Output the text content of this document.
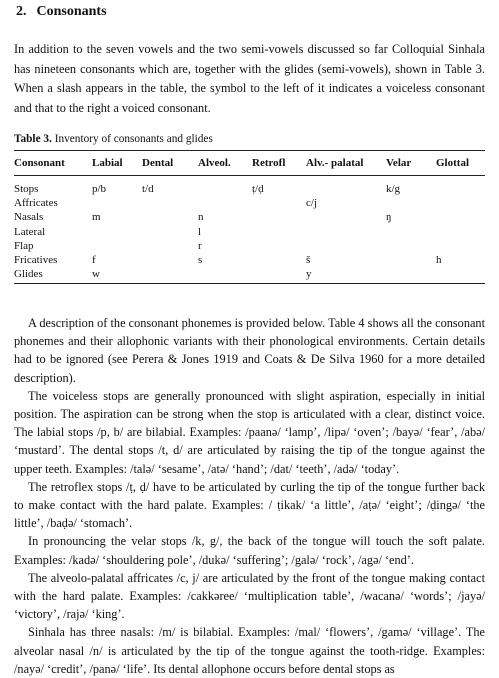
2. Consonants

In addition to the seven vowels and the two semi-vowels discussed so far Colloquial Sinhala has nineteen consonants which are, together with the glides (semi-vowels), shown in Table 3. When a slash appears in the table, the symbol to the left of it indicates a voiceless consonant and that to the right a voiced consonant.

Table 3. Inventory of consonants and glides

Consonant	Labial	Dental	Alveol.	Retrofl	Alv.- palatal	Velar	Glottal
Stops	p/b	t/d		ṭ/ḍ		k/g	
Affricates					c/j		
Nasals	m		n			ŋ	
Lateral			l				
Flap			r				
Fricatives	f		s		š		h
Glides	w				y		

A description of the consonant phonemes is provided below. Table 4 shows all the consonant phonemes and their allophonic variants with their phonological environments. Certain details had to be ignored (see Perera & Jones 1919 and Coats & De Silva 1960 for a more detailed description).

The voiceless stops are generally pronounced with slight aspiration, especially in initial position. The aspiration can be strong when the stop is articulated with a clear, distinct voice. The labial stops /p, b/ are bilabial. Examples: /paanə/ ‘lamp’, /lipə/ ‘oven’; /bayə/ ‘fear’, /abə/ ‘mustard’. The dental stops /t, d/ are articulated by raising the tip of the tongue against the upper teeth. Examples: /talə/ ‘sesame’, /atə/ ‘hand’; /dat/ ‘teeth’, /adə/ ‘today’.

The retroflex stops /ṭ, ḍ/ have to be articulated by curling the tip of the tongue further back to make contact with the hard palate. Examples: / ṭikak/ ‘a little’, /aṭə/ ‘eight’; /ḍingə/ ‘the little’, /baḍə/ ‘stomach’.

In pronouncing the velar stops /k, g/, the back of the tongue will touch the soft palate. Examples: /kadə/ ‘shouldering pole’, /dukə/ ‘suffering’; /galə/ ‘rock’, /agə/ ‘end’.

The alveolo-palatal affricates /c, j/ are articulated by the front of the tongue making contact with the hard palate. Examples: /cakkəree/ ‘multiplication table’, /wacanə/ ‘words’; /jayə/ ‘victory’, /rajə/ ‘king’.

Sinhala has three nasals: /m/ is bilabial. Examples: /mal/ ‘flowers’, /gamə/ ‘village’. The alveolar nasal /n/ is articulated by the tip of the tongue against the tooth-ridge. Examples: /nayə/ ‘credit’, /panə/ ‘life’. Its dental allophone occurs before dental stops as
